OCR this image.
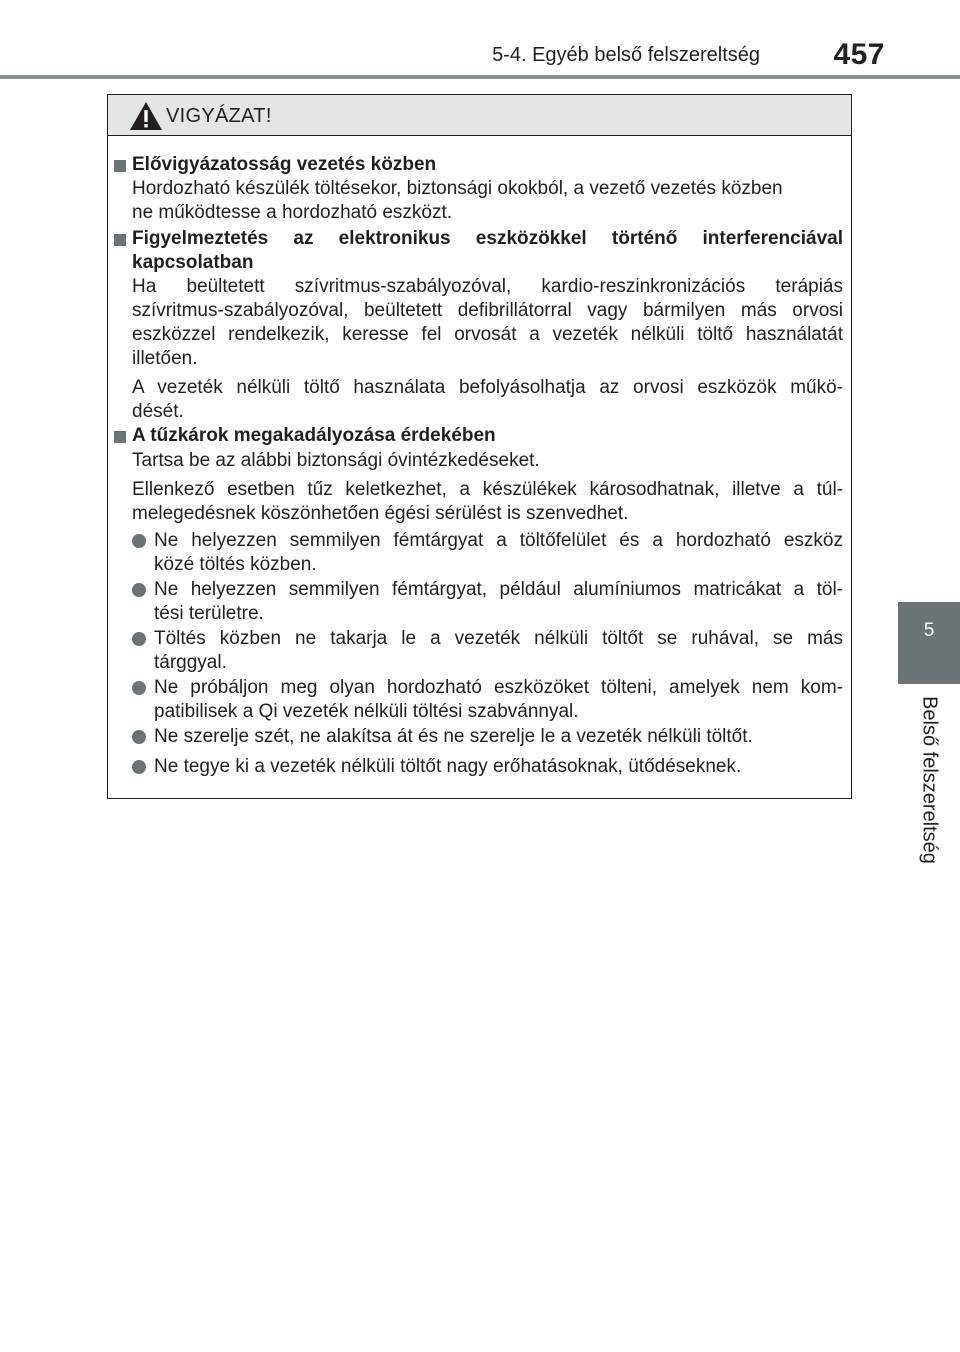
5-4. Egyéb belső felszereltség	457
5
Belső felszereltség
VIGYÁZAT!
Elővigyázatosság vezetés közben
Hordozható készülék töltésekor, biztonsági okokból, a vezető vezetés közben
ne működtesse a hordozható eszközt.
Figyelmeztetés az elektronikus eszközökkel történő interferenciával
kapcsolatban
Ha beültetett szívritmus-szabályozóval, kardio-reszinkronizációs terápiás
szívritmus-szabályozóval, beültetett defibrillátorral vagy bármilyen más orvosi
eszközzel rendelkezik, keresse fel orvosát a vezeték nélküli töltő használatát
illetően.
A vezeték nélküli töltő használata befolyásolhatja az orvosi eszközök műkö-
dését.
A tűzkárok megakadályozása érdekében
Tartsa be az alábbi biztonsági óvintézkedéseket.
Ellenkező esetben tűz keletkezhet, a készülékek károsodhatnak, illetve a túl-
melegedésnek köszönhetően égési sérülést is szenvedhet.
Ne helyezzen semmilyen fémtárgyat a töltőfelület és a hordozható eszköz
közé töltés közben.
Ne helyezzen semmilyen fémtárgyat, például alumíniumos matricákat a töl-
tési területre.
Töltés közben ne takarja le a vezeték nélküli töltőt se ruhával, se más
tárggyal.
Ne próbáljon meg olyan hordozható eszközöket tölteni, amelyek nem kom-
patibilisek a Qi vezeték nélküli töltési szabvánnyal.
Ne szerelje szét, ne alakítsa át és ne szerelje le a vezeték nélküli töltőt.
Ne tegye ki a vezeték nélküli töltőt nagy erőhatásoknak, ütődéseknek.
